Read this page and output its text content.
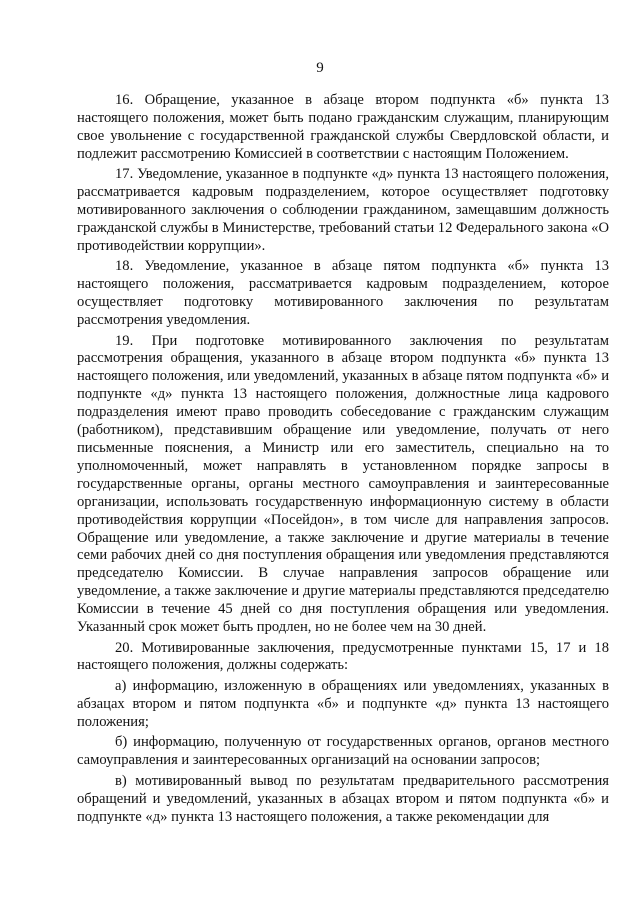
9

16. Обращение, указанное в абзаце втором подпункта «б» пункта 13 настоящего положения, может быть подано гражданским служащим, планирующим свое увольнение с государственной гражданской службы Свердловской области, и подлежит рассмотрению Комиссией в соответствии с настоящим Положением.

17. Уведомление, указанное в подпункте «д» пункта 13 настоящего положения, рассматривается кадровым подразделением, которое осуществляет подготовку мотивированного заключения о соблюдении гражданином, замещавшим должность гражданской службы в Министерстве, требований статьи 12 Федерального закона «О противодействии коррупции».

18. Уведомление, указанное в абзаце пятом подпункта «б» пункта 13 настоящего положения, рассматривается кадровым подразделением, которое осуществляет подготовку мотивированного заключения по результатам рассмотрения уведомления.

19. При подготовке мотивированного заключения по результатам рассмотрения обращения, указанного в абзаце втором подпункта «б» пункта 13 настоящего положения, или уведомлений, указанных в абзаце пятом подпункта «б» и подпункте «д» пункта 13 настоящего положения, должностные лица кадрового подразделения имеют право проводить собеседование с гражданским служащим (работником), представившим обращение или уведомление, получать от него письменные пояснения, а Министр или его заместитель, специально на то уполномоченный, может направлять в установленном порядке запросы в государственные органы, органы местного самоуправления и заинтересованные организации, использовать государственную информационную систему в области противодействия коррупции «Посейдон», в том числе для направления запросов. Обращение или уведомление, а также заключение и другие материалы в течение семи рабочих дней со дня поступления обращения или уведомления представляются председателю Комиссии. В случае направления запросов обращение или уведомление, а также заключение и другие материалы представляются председателю Комиссии в течение 45 дней со дня поступления обращения или уведомления. Указанный срок может быть продлен, но не более чем на 30 дней.

20. Мотивированные заключения, предусмотренные пунктами 15, 17 и 18 настоящего положения, должны содержать:

а) информацию, изложенную в обращениях или уведомлениях, указанных в абзацах втором и пятом подпункта «б» и подпункте «д» пункта 13 настоящего положения;

б) информацию, полученную от государственных органов, органов местного самоуправления и заинтересованных организаций на основании запросов;

в) мотивированный вывод по результатам предварительного рассмотрения обращений и уведомлений, указанных в абзацах втором и пятом подпункта «б» и подпункте «д» пункта 13 настоящего положения, а также рекомендации для
